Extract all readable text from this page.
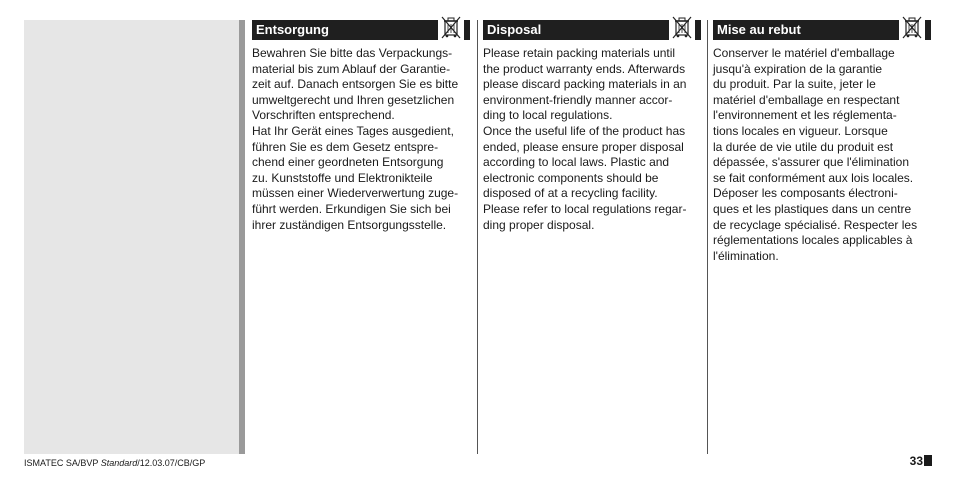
Entsorgung

Bewahren Sie bitte das Verpackungs-

material bis zum Ablauf der Garantie-

zeit auf. Danach entsorgen Sie es bitte

umweltgerecht und Ihren gesetzlichen

Vorschriften entsprechend.

Hat Ihr Gerät eines Tages ausgedient,

führen Sie es dem Gesetz entspre-

chend einer geordneten Entsorgung

zu. Kunststoffe und Elektronikteile

müssen einer Wiederverwertung zuge-

führt werden. Erkundigen Sie sich bei

ihrer zuständigen Entsorgungsstelle.

Disposal

Please retain packing materials until

the product warranty ends. Afterwards

please discard packing materials in an

environment-friendly manner accor-

ding to local regulations.

Once the useful life of the product has

ended, please ensure proper disposal

according to local laws. Plastic and

electronic components should be

disposed of at a recycling facility.

Please refer to local regulations regar-

ding proper disposal.

Mise au rebut

Conserver le matériel d'emballage

jusqu'à expiration de la garantie

du produit. Par la suite, jeter le

matériel d'emballage en respectant

l'environnement et les réglementa-

tions locales en vigueur. Lorsque

la durée de vie utile du produit est

dépassée, s'assurer que l'élimination

se fait conformément aux lois locales.

Déposer les composants électroni-

ques et les plastiques dans un centre

de recyclage spécialisé. Respecter les

réglementations locales applicables à

l'élimination.

ISMATEC SA/BVP Standard/12.03.07/CB/GP	33
